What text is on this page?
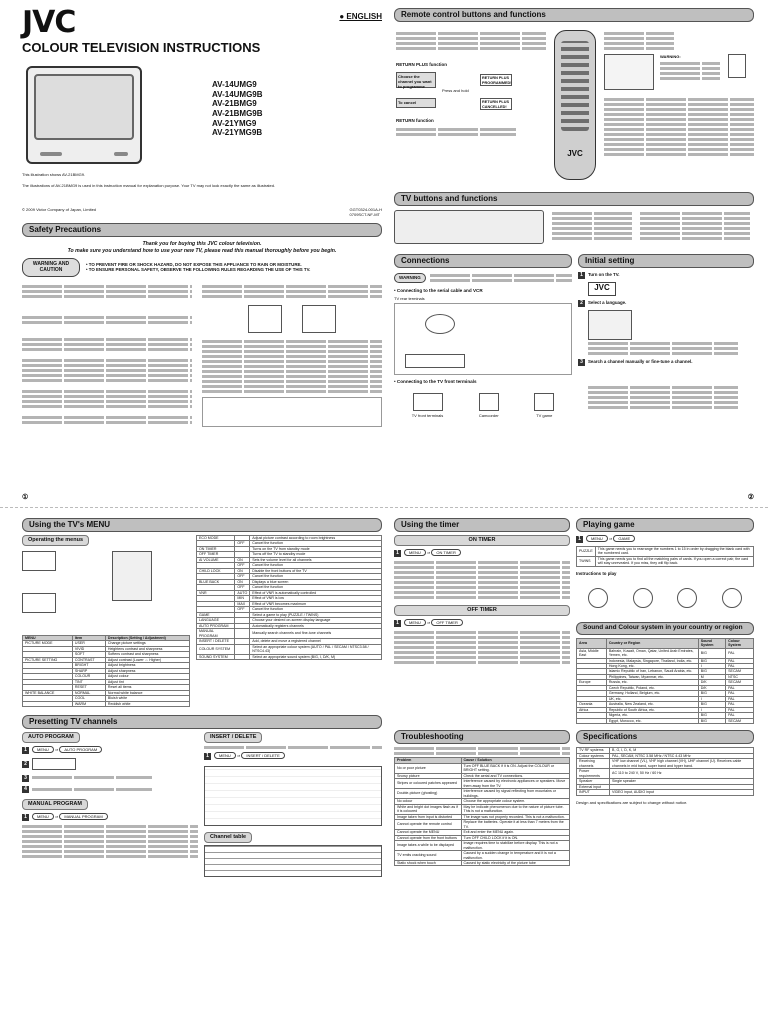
JVC	● ENGLISH
COLOUR TELEVISION INSTRUCTIONS
AV-14UMG9
AV-14UMG9B
AV-21BMG9
AV-21BMG9B
AV-21YMG9
AV-21YMG9B
This illustration shows AV-21BMG9.
The illustrations of AV-21BMG9 is used in this instruction manual for explanation purpose. Your TV may not look exactly the same as illustrated.
© 2009 Victor Company of Japan, Limited	GGT0324-001A-H
0709SCT-NF-MT
Safety Precautions
Thank you for buying this JVC colour television.
To make sure you understand how to use your new TV, please read this manual thoroughly before you begin.
WARNING AND CAUTION
• TO PREVENT FIRE OR SHOCK HAZARD, DO NOT EXPOSE THIS APPLIANCE TO RAIN OR MOISTURE.
• TO ENSURE PERSONAL SAFETY, OBSERVE THE FOLLOWING RULES REGARDING THE USE OF THIS TV.
①
Remote control buttons and functions
RETURN PLUS function
Choose the channel you want to programme
RETURN PLUS PROGRAMMED!
Press and hold
To cancel	RETURN PLUS CANCELLED!
RETURN function
JVC
WARNING:
TV buttons and functions
Connections
WARNING
• Connecting to the serial cable and VCR
TV rear terminals
• Connecting to the TV front terminals
TV front terminals	Camcorder	TV game
Initial setting
1 Turn on the TV.
JVC
2 Select a language.
3 Search a channel manually or fine-tune a channel.
②
Using the TV's MENU
Operating the menus
MENU	Item	Description (Setting / Adjustment)
PICTURE MODE	USER	Change picture settings
	VIVID	Heightens contrast and sharpness
	SOFT	Softens contrast and sharpness
PICTURE SETTING	CONTRAST	Adjust contrast (Lower ⇔ Higher)
	BRIGHT	Adjust brightness
	SHARP	Adjust sharpness
	COLOUR	Adjust colour
	TINT	Adjust tint
	RESET	Reset all items
WHITE BALANCE	NORMAL	Normal white balance
	COOL	Bluish white
	WARM	Reddish white
ECO MODE		Adjust picture contrast according to room brightness
	OFF	Cancel the function
ON TIMER		Turns on the TV from standby mode
OFF TIMER		Turns off the TV to standby mode
AI VOLUME	ON	Sets the volume level for all channels
	OFF	Cancel the function
CHILD LOCK	ON	Disable the front buttons of the TV
	OFF	Cancel the function
BLUE BACK	ON	Displays a blue screen
	OFF	Cancel the function
VNR	AUTO	Effect of VNR is automatically controlled
	MIN	Effect of VNR is low
	MAX	Effect of VNR becomes maximum
	OFF	Cancel the function
GAME		Select a game to play (PUZZLE / TWINS)
LANGUAGE		Choose your desired on-screen display language
AUTO PROGRAM		Automatically registers channels
MANUAL PROGRAM		Manually search channels and fine-tune channels
INSERT / DELETE		Add, delete and move a registered channel
COLOUR SYSTEM		Select an appropriate colour system (AUTO / PAL / SECAM / NTSC3.58 / NTSC4.43)
SOUND SYSTEM		Select an appropriate sound system (B/G, I, D/K, M)
Presetting TV channels
AUTO PROGRAM
1	MENU ⇒ AUTO PROGRAM
2
3
4
MANUAL PROGRAM
1	MENU ⇒ MANUAL PROGRAM
INSERT / DELETE
1	MENU ⇒ INSERT / DELETE
Channel table
Using the timer
ON TIMER
1	MENU ⇒ ON TIMER
OFF TIMER
1	MENU ⇒ OFF TIMER
Playing game
1	MENU ⇒ GAME
PUZZLE	This game needs you to rearrange the numbers 1 to 15 in order by dragging the blank card with the numbered card.
TWINS	This game needs you to find all the matching pairs of cards. If you open a correct pair, the card will stay unrevealed. If you miss, they will flip back.
Instructions to play
Sound and Colour system in your country or region
Area	Country or Region	Sound System	Colour System
Asia, Middle East	Bahrain, Kuwait, Oman, Qatar, United Arab Emirates, Yemen, etc.	B/G	PAL
	Indonesia, Malaysia, Singapore, Thailand, India, etc.	B/G	PAL
	Hong Kong, etc.	I	PAL
	Islamic Republic of Iran, Lebanon, Saudi Arabia, etc.	B/G	SECAM
	Philippines, Taiwan, Myanmar, etc.	M	NTSC
Europe	Russia, etc.	D/K	SECAM
	Czech Republic, Poland, etc.	D/K	PAL
	Germany, Holland, Belgium, etc.	B/G	PAL
	UK, etc.	I	PAL
Oceania	Australia, New Zealand, etc.	B/G	PAL
Africa	Republic of South Africa, etc.	I	PAL
	Nigeria, etc.	B/G	PAL
	Egypt, Morocco, etc.	B/G	SECAM
Troubleshooting
Problem	Cause / Solution
No or poor picture	Turn OFF BLUE BACK if it is ON. Adjust the COLOUR or BRIGHT setting.
Snowy picture	Check the aerial and TV connections.
Stripes or coloured patches appeared	Interference caused by electronic appliances or speakers. Move them away from the TV.
Double-picture (ghosting)	Interference caused by signal reflecting from mountains or buildings.
No colour	Choose the appropriate colour system.
White and bright dot images flash as if it is coloured	May be indicate phenomenon due to the nature of picture tube. This is not a malfunction.
Image taken from input is distorted	The image was not properly recorded. This is not a malfunction.
Cannot operate the remote control	Replace the batteries. Operate it at less than 7 meters from the TV.
Cannot operate the MENU	Exit and enter the MENU again.
Cannot operate from the front buttons	Turn OFF CHILD LOCK if it is ON.
Image takes a while to be displayed	Image requires time to stabilize before display. This is not a malfunction.
TV emits cracking sound	Caused by a sudden change in temperature and it is not a malfunction.
Static shock when touch	Caused by static electricity of the picture tube
Specifications
TV RF systems	B, G, I, D, K, M
Colour systems	PAL, SECAM, NTSC 3.58 MHz / NTSC 4.43 MHz
Receiving channels	VHF low channel (VL), VHF high channel (VH), UHF channel (U). Receives cable channels in mid band, super band and hyper band.
Power requirements	AC 110 to 240 V, 50 Hz / 60 Hz
Speaker	Single speaker
External input	
INPUT	VIDEO input, AUDIO input
Design and specifications are subject to change without notice.
